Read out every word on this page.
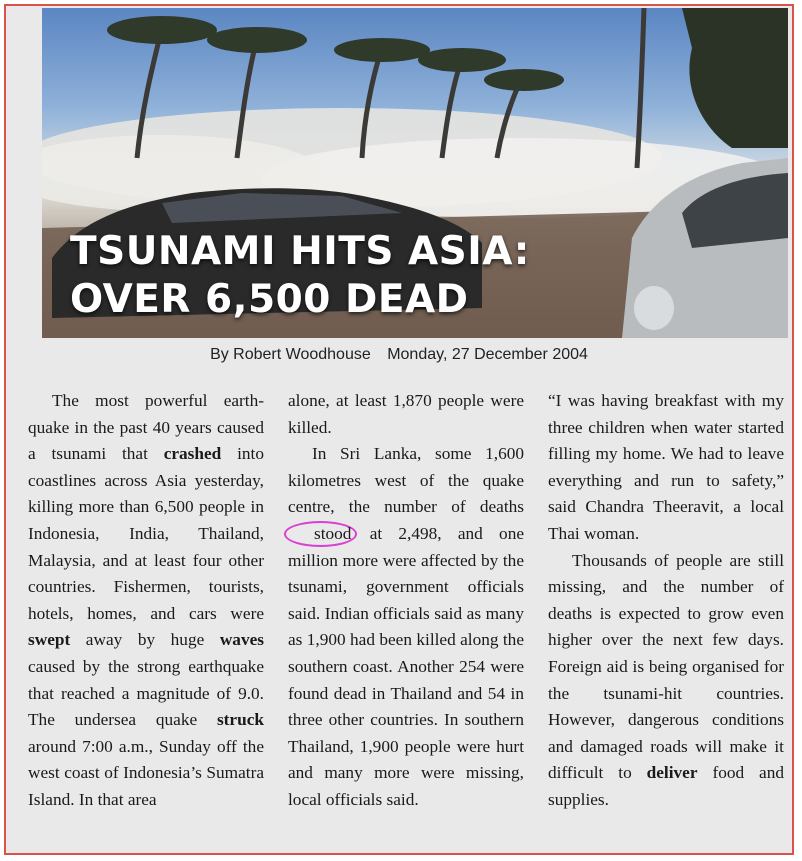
TSUNAMI HITS ASIA:
OVER 6,500 DEAD
By Robert Woodhouse Monday, 27 December 2004

The most powerful earth-quake in the past 40 years caused a tsunami that crashed into coastlines across Asia yesterday, killing more than 6,500 people in Indonesia, India, Thailand, Malaysia, and at least four other countries. Fishermen, tourists, hotels, homes, and cars were swept away by huge waves caused by the strong earthquake that reached a magnitude of 9.0. The undersea quake struck around 7:00 a.m., Sunday off the west coast of Indonesia’s Sumatra Island. In that area

alone, at least 1,870 people were killed.

In Sri Lanka, some 1,600 kilometres west of the quake centre, the number of deaths stood at 2,498, and one million more were affected by the tsunami, government officials said. Indian officials said as many as 1,900 had been killed along the southern coast. Another 254 were found dead in Thailand and 54 in three other countries. In southern Thailand, 1,900 people were hurt and many more were missing, local officials said.

“I was having breakfast with my three children when water started filling my home. We had to leave everything and run to safety,” said Chandra Theeravit, a local Thai woman.

Thousands of people are still missing, and the number of deaths is expected to grow even higher over the next few days. Foreign aid is being organised for the tsunami-hit countries. However, dangerous conditions and damaged roads will make it difficult to deliver food and supplies.
